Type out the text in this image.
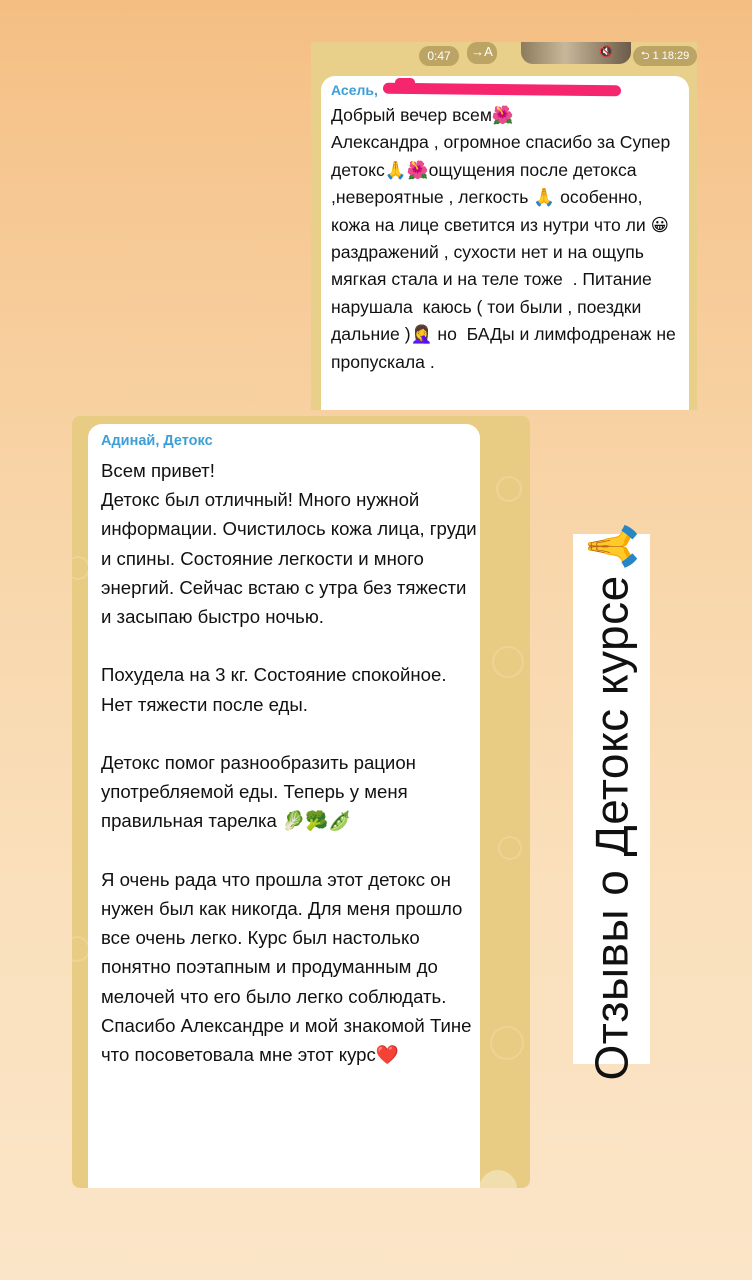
0:47	→A	🔇	⮌ 1 18:29
Асель,
Добрый вечер всем🌺
Александра , огромное спасибо за Супер детокс🙏🌺ощущения после детокса ,невероятные , легкость 🙏 особенно, кожа на лице светится из нутри что ли 😀 раздражений , сухости нет и на ощупь мягкая стала и на теле тоже  . Питание нарушала  каюсь ( тои были , поездки дальние )🤦‍♀️ но  БАДы и лимфодренаж не пропускала .
Адинай, Детокс
Всем привет!
Детокс был отличный! Много нужной информации. Очистилось кожа лица, груди и спины. Состояние легкости и много энергий. Сейчас встаю с утра без тяжести и засыпаю быстро ночью.

Похудела на 3 кг. Состояние спокойное. Нет тяжести после еды.

Детокс помог разнообразить рацион употребляемой еды. Теперь у меня правильная тарелка 🥬🥦🫛

Я очень рада что прошла этот детокс он нужен был как никогда. Для меня прошло все очень легко. Курс был настолько понятно поэтапным и продуманным до мелочей что его было легко соблюдать. Спасибо Александре и мой знакомой Тине что посоветовала мне этот курс❤️	Отзывы о Детокс курсе🙏
